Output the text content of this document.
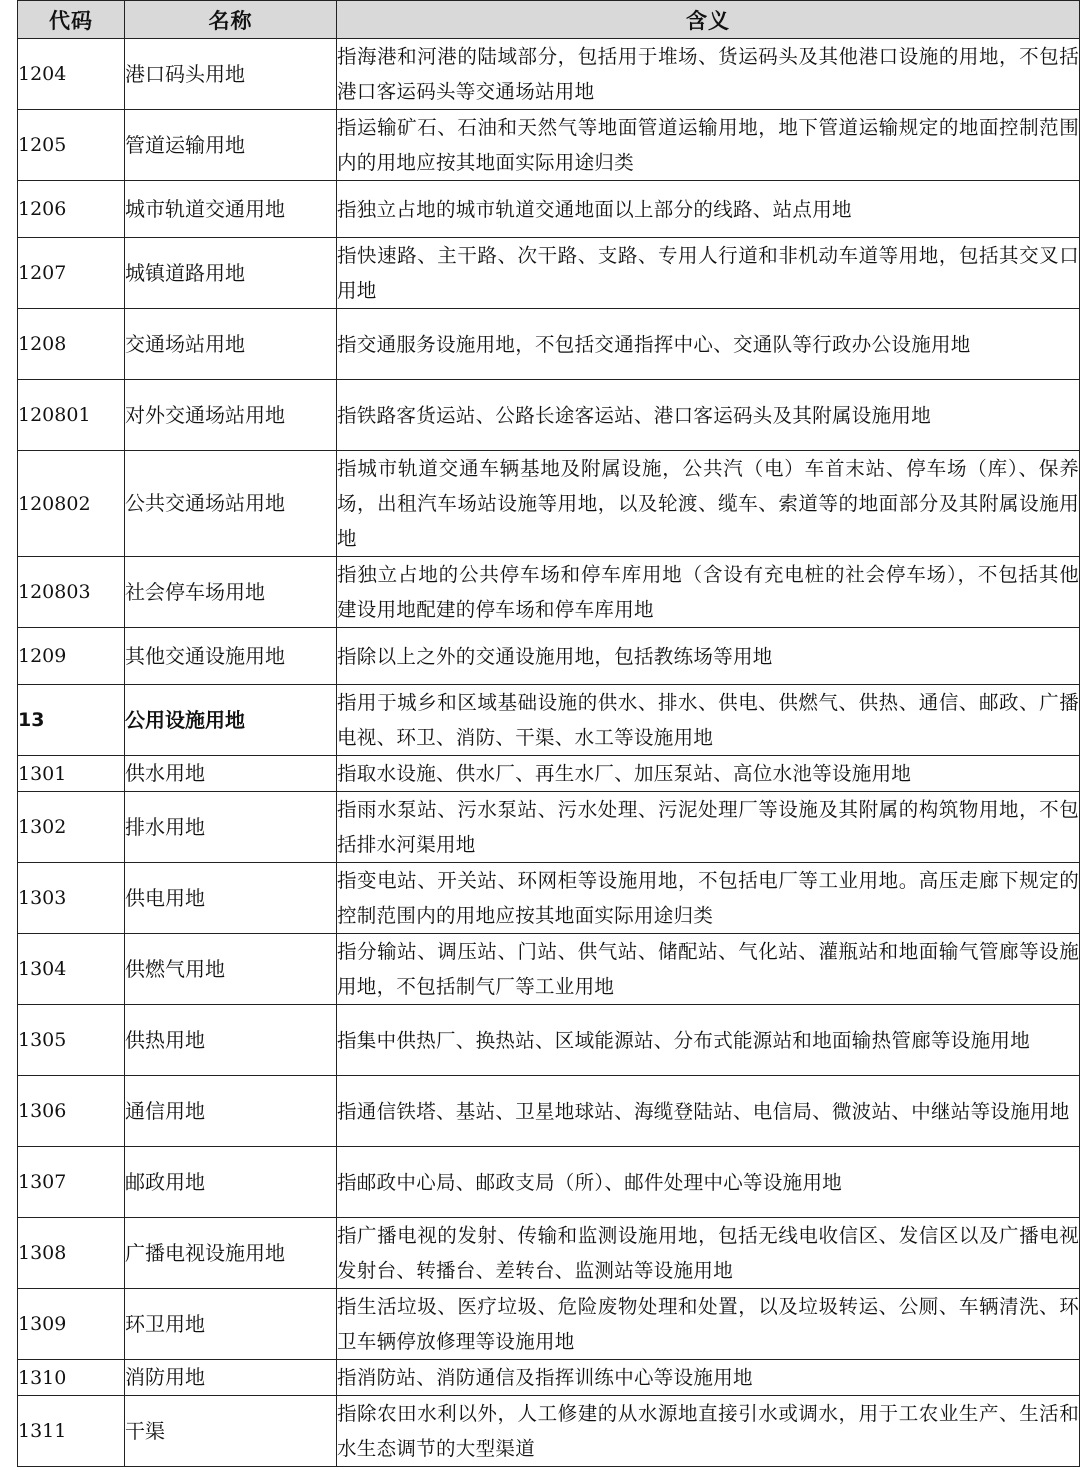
代码	名称	含义
1204	港口码头用地	指海港和河港的陆域部分，包括用于堆场、货运码头及其他港口设施的用地，不包括港口客运码头等交通场站用地
1205	管道运输用地	指运输矿石、石油和天然气等地面管道运输用地，地下管道运输规定的地面控制范围内的用地应按其地面实际用途归类
1206	城市轨道交通用地	指独立占地的城市轨道交通地面以上部分的线路、站点用地
1207	城镇道路用地	指快速路、主干路、次干路、支路、专用人行道和非机动车道等用地，包括其交叉口用地
1208	交通场站用地	指交通服务设施用地，不包括交通指挥中心、交通队等行政办公设施用地
120801	对外交通场站用地	指铁路客货运站、公路长途客运站、港口客运码头及其附属设施用地
120802	公共交通场站用地	指城市轨道交通车辆基地及附属设施，公共汽（电）车首末站、停车场（库）、保养场，出租汽车场站设施等用地，以及轮渡、缆车、索道等的地面部分及其附属设施用地
120803	社会停车场用地	指独立占地的公共停车场和停车库用地（含设有充电桩的社会停车场），不包括其他建设用地配建的停车场和停车库用地
1209	其他交通设施用地	指除以上之外的交通设施用地，包括教练场等用地
13	公用设施用地	指用于城乡和区域基础设施的供水、排水、供电、供燃气、供热、通信、邮政、广播电视、环卫、消防、干渠、水工等设施用地
1301	供水用地	指取水设施、供水厂、再生水厂、加压泵站、高位水池等设施用地
1302	排水用地	指雨水泵站、污水泵站、污水处理、污泥处理厂等设施及其附属的构筑物用地，不包括排水河渠用地
1303	供电用地	指变电站、开关站、环网柜等设施用地，不包括电厂等工业用地。高压走廊下规定的控制范围内的用地应按其地面实际用途归类
1304	供燃气用地	指分输站、调压站、门站、供气站、储配站、气化站、灌瓶站和地面输气管廊等设施用地，不包括制气厂等工业用地
1305	供热用地	指集中供热厂、换热站、区域能源站、分布式能源站和地面输热管廊等设施用地
1306	通信用地	指通信铁塔、基站、卫星地球站、海缆登陆站、电信局、微波站、中继站等设施用地
1307	邮政用地	指邮政中心局、邮政支局（所）、邮件处理中心等设施用地
1308	广播电视设施用地	指广播电视的发射、传输和监测设施用地，包括无线电收信区、发信区以及广播电视发射台、转播台、差转台、监测站等设施用地
1309	环卫用地	指生活垃圾、医疗垃圾、危险废物处理和处置，以及垃圾转运、公厕、车辆清洗、环卫车辆停放修理等设施用地
1310	消防用地	指消防站、消防通信及指挥训练中心等设施用地
1311	干渠	指除农田水利以外，人工修建的从水源地直接引水或调水，用于工农业生产、生活和水生态调节的大型渠道
